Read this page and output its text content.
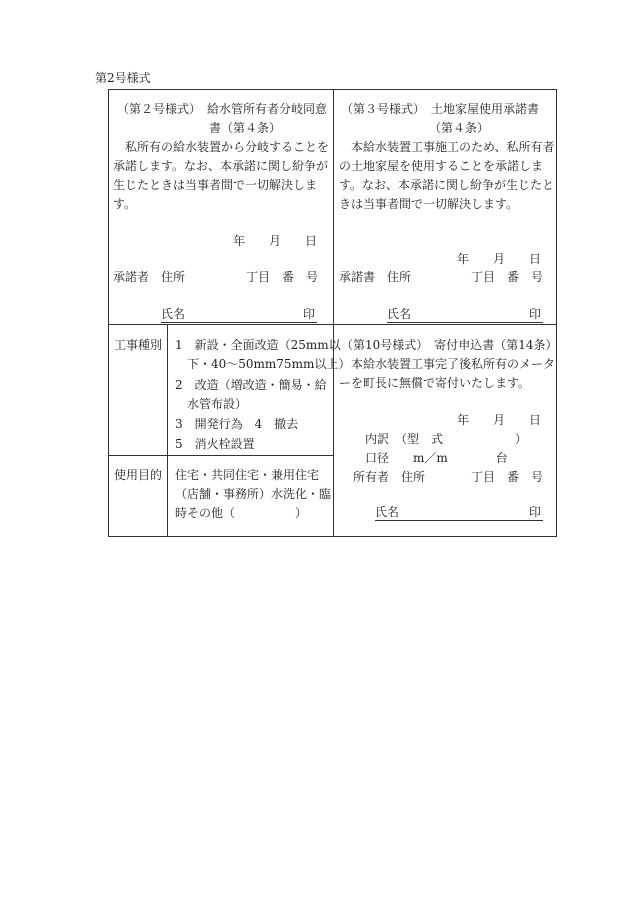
第2号様式
（第２号様式）　給水管所有者分岐同意
書（第４条）
　私所有の給水装置から分岐することを
承諾します。なお、本承諾に関し紛争が
生じたときは当事者間で一切解決しま
す。
年　　月　　日
承諾者　住所	丁目　番　号
氏名	印
（第３号様式）　土地家屋使用承諾書
（第４条）
　本給水装置工事施工のため、私所有者
の土地家屋を使用することを承諾しま
す。なお、本承諾に関し紛争が生じたと
きは当事者間で一切解決します。
年　　月　　日
承諾書　住所	丁目　番　号
氏名	印
工事種別 1　新設・全面改造（25mm以
　下・40～50mm75mm以上）
2　改造（増改造・簡易・給
　水管布設）
3　開発行為　4　撤去
5　消火栓設置
使用目的 住宅・共同住宅・兼用住宅
（店舗・事務所）水洗化・臨
時その他（　　　　　）
（第10号様式）　寄付申込書（第14条）
　本給水装置工事完了後私所有のメータ
ーを町長に無償で寄付いたします。
年　　月　　日
内訳　（型　式　　　　　　）
口径　　m／m　　　　台
所有者　住所	丁目　番　号
氏名	印
